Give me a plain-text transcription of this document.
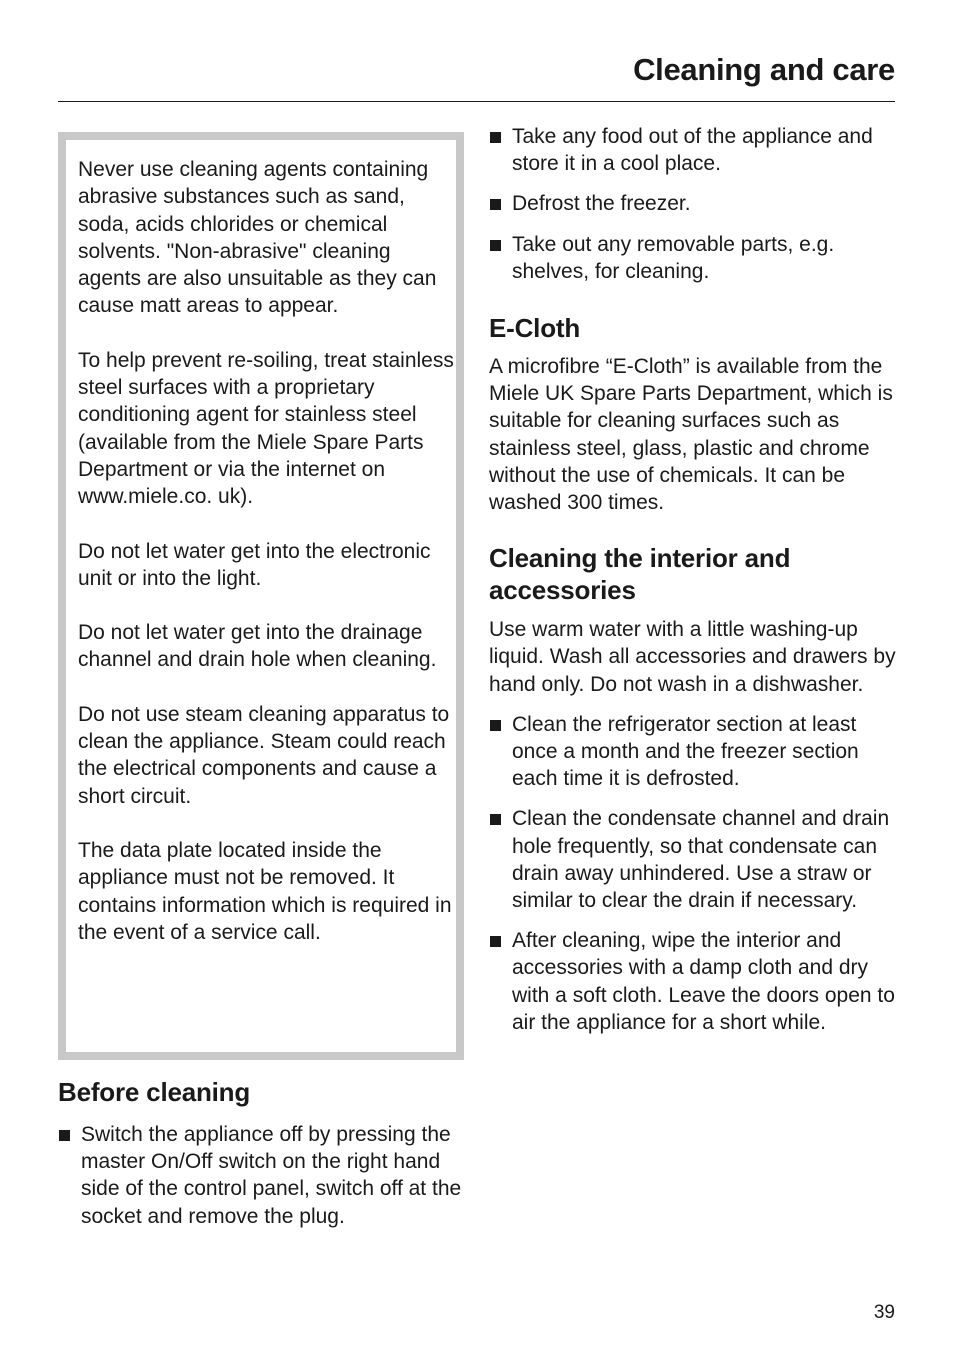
Cleaning and care

Never use cleaning agents containing abrasive substances such as sand, soda, acids chlorides or chemical solvents. "Non-abrasive" cleaning agents are also unsuitable as they can cause matt areas to appear.

To help prevent re-soiling, treat stainless steel surfaces with a proprietary conditioning agent for stainless steel (available from the Miele Spare Parts Department or via the internet on www.miele.co. uk).

Do not let water get into the electronic unit or into the light.

Do not let water get into the drainage channel and drain hole when cleaning.

Do not use steam cleaning apparatus to clean the appliance. Steam could reach the electrical components and cause a short circuit.

The data plate located inside the appliance must not be removed. It contains information which is required in the event of a service call.

Before cleaning
Switch the appliance off by pressing the master On/Off switch on the right hand side of the control panel, switch off at the socket and remove the plug.
Take any food out of the appliance and store it in a cool place.
Defrost the freezer.
Take out any removable parts, e.g. shelves, for cleaning.
E-Cloth

A microfibre “E-Cloth” is available from the Miele UK Spare Parts Department, which is suitable for cleaning surfaces such as stainless steel, glass, plastic and chrome without the use of chemicals. It can be washed 300 times.

Cleaning the interior and accessories

Use warm water with a little washing-up liquid. Wash all accessories and drawers by hand only. Do not wash in a dishwasher.

Clean the refrigerator section at least once a month and the freezer section each time it is defrosted.
Clean the condensate channel and drain hole frequently, so that condensate can drain away unhindered. Use a straw or similar to clear the drain if necessary.
After cleaning, wipe the interior and accessories with a damp cloth and dry with a soft cloth. Leave the doors open to air the appliance for a short while.

39
